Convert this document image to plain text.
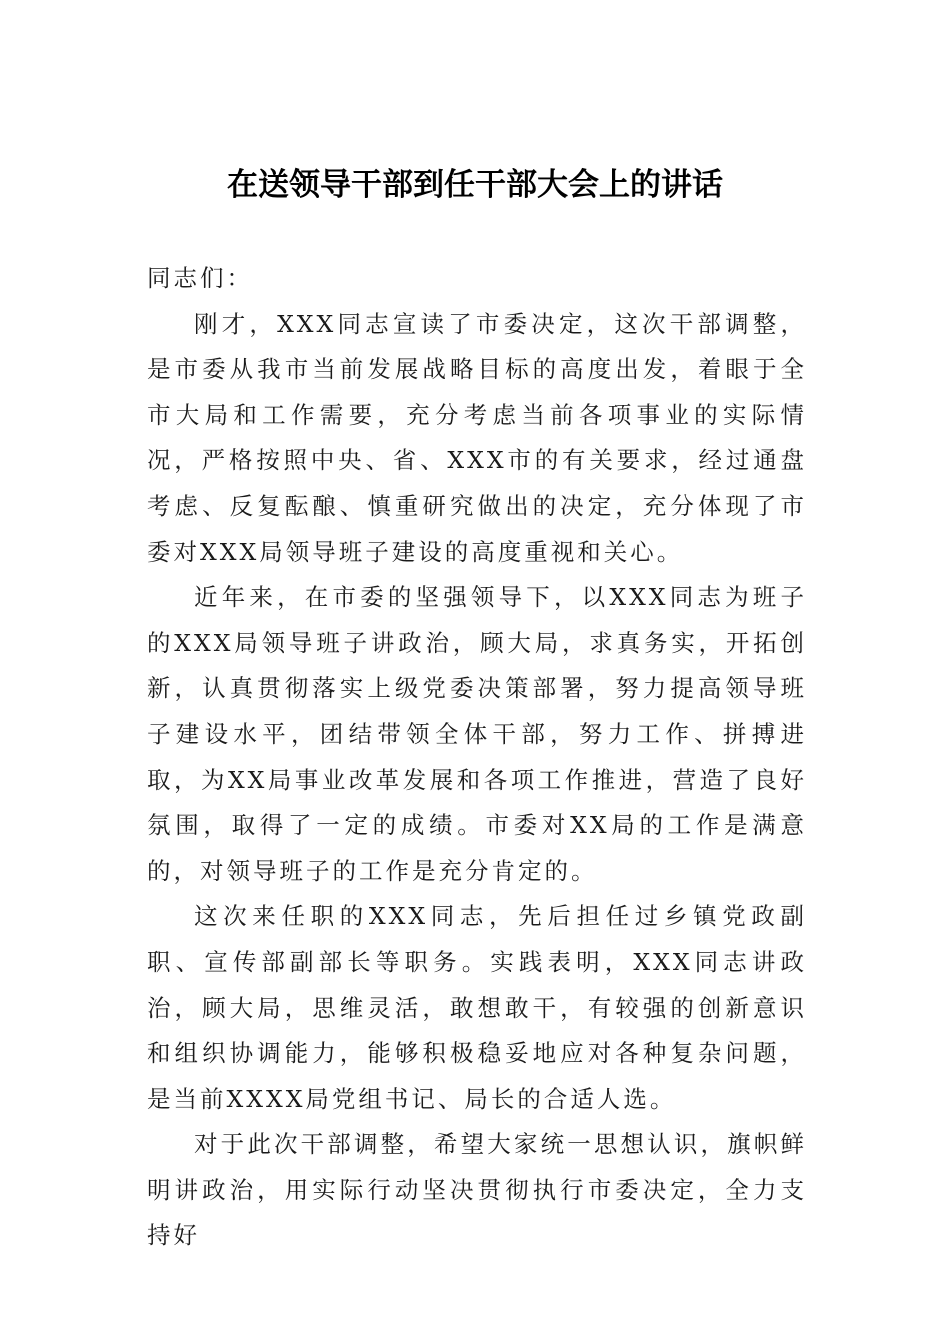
在送领导干部到任干部大会上的讲话

同志们：

刚才，XXX同志宣读了市委决定，这次干部调整，是市委从我市当前发展战略目标的高度出发，着眼于全市大局和工作需要，充分考虑当前各项事业的实际情况，严格按照中央、省、XXX市的有关要求，经过通盘考虑、反复酝酿、慎重研究做出的决定，充分体现了市委对XXX局领导班子建设的高度重视和关心。

近年来，在市委的坚强领导下，以XXX同志为班子的XXX局领导班子讲政治，顾大局，求真务实，开拓创新，认真贯彻落实上级党委决策部署，努力提高领导班子建设水平，团结带领全体干部，努力工作、拼搏进取，为XX局事业改革发展和各项工作推进，营造了良好氛围，取得了一定的成绩。市委对XX局的工作是满意的，对领导班子的工作是充分肯定的。

这次来任职的XXX同志，先后担任过乡镇党政副职、宣传部副部长等职务。实践表明，XXX同志讲政治，顾大局，思维灵活，敢想敢干，有较强的创新意识和组织协调能力，能够积极稳妥地应对各种复杂问题，是当前XXXX局党组书记、局长的合适人选。

对于此次干部调整，希望大家统一思想认识，旗帜鲜明讲政治，用实际行动坚决贯彻执行市委决定，全力支持好
